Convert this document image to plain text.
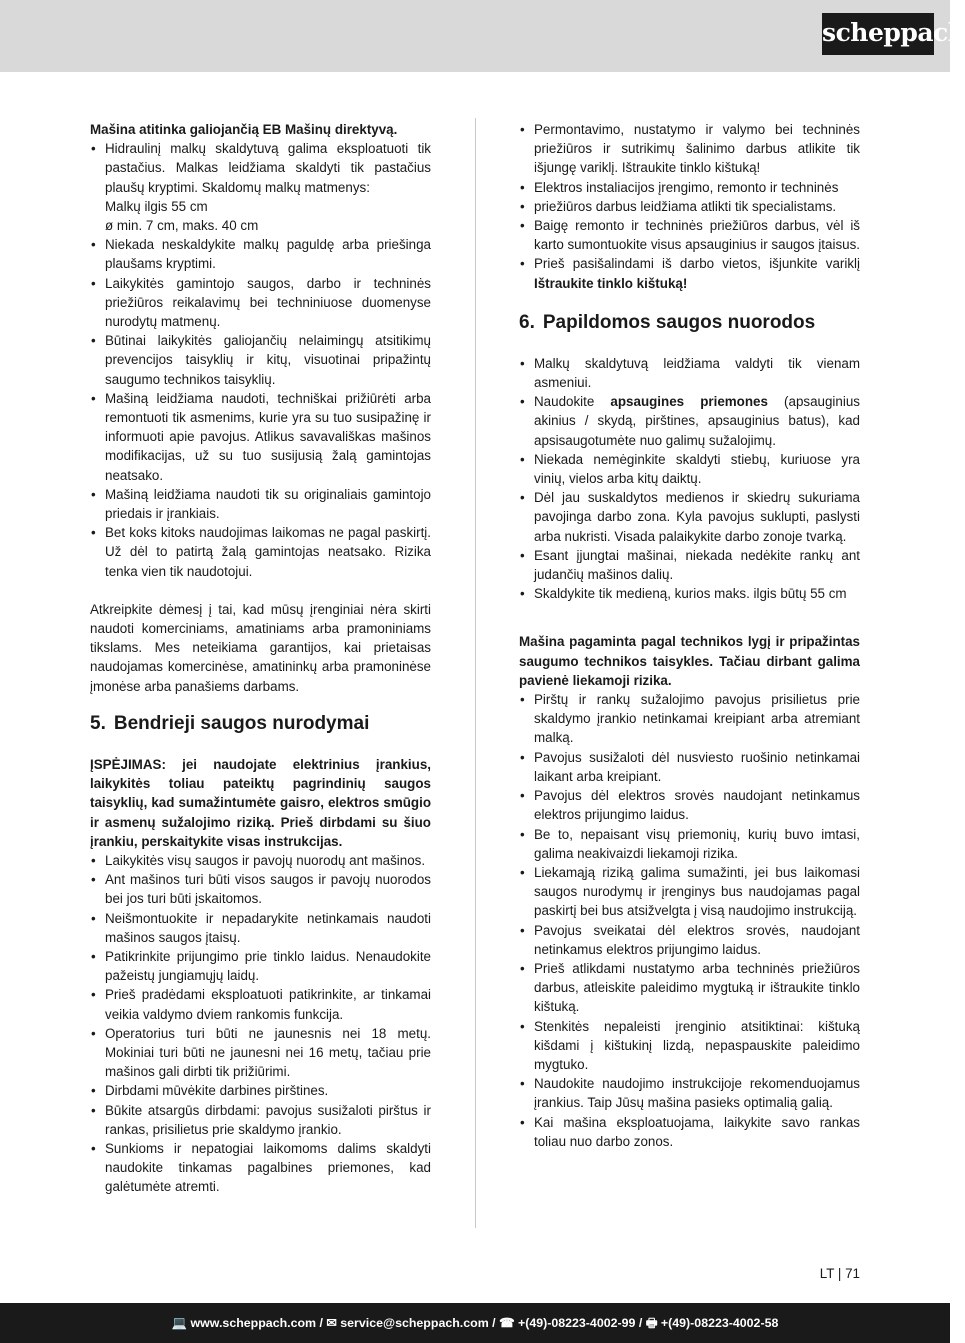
scheppach

Mašina atitinka galiojančią EB Mašinų direktyvą.

• Hidraulinį malkų skaldytuvą galima eksploatuoti tik pastačius. Malkas leidžiama skaldyti tik pastačius plaušų kryptimi. Skaldomų malkų matmenys:
Malkų ilgis 55 cm
ø min. 7 cm, maks. 40 cm
• Niekada neskaldykite malkų paguldę arba priešinga plaušams kryptimi.
• Laikykitės gamintojo saugos, darbo ir techninės priežiūros reikalavimų bei techniniuose duomenyse nurodytų matmenų.
• Būtinai laikykitės galiojančių nelaimingų atsitikimų prevencijos taisyklių ir kitų, visuotinai pripažintų saugumo technikos taisyklių.
• Mašiną leidžiama naudoti, techniškai prižiūrėti arba remontuoti tik asmenims, kurie yra su tuo susipažinę ir informuoti apie pavojus. Atlikus savavališkas mašinos modifikacijas, už su tuo susijusią žalą gamintojas neatsako.
• Mašiną leidžiama naudoti tik su originaliais gamintojo priedais ir įrankiais.
• Bet koks kitoks naudojimas laikomas ne pagal paskirtį. Už dėl to patirtą žalą gamintojas neatsako. Rizika tenka vien tik naudotojui.

Atkreipkite dėmesį į tai, kad mūsų įrenginiai nėra skirti naudoti komerciniams, amatiniams arba pramoniniams tikslams. Mes neteikiama garantijos, kai prietaisas naudojamas komercinėse, amatininkų arba pramoninėse įmonėse arba panašiems darbams.

5. Bendrieji saugos nurodymai

ĮSPĖJIMAS: jei naudojate elektrinius įrankius, laikykitės toliau pateiktų pagrindinių saugos taisyklių, kad sumažintumėte gaisro, elektros smūgio ir asmenų sužalojimo riziką. Prieš dirbdami su šiuo įrankiu, perskaitykite visas instrukcijas.

• Laikykitės visų saugos ir pavojų nuorodų ant mašinos.
• Ant mašinos turi būti visos saugos ir pavojų nuorodos bei jos turi būti įskaitomos.
• Neišmontuokite ir nepadarykite netinkamais naudoti mašinos saugos įtaisų.
• Patikrinkite prijungimo prie tinklo laidus. Nenaudokite pažeistų jungiamųjų laidų.
• Prieš pradėdami eksploatuoti patikrinkite, ar tinkamai veikia valdymo dviem rankomis funkcija.
• Operatorius turi būti ne jaunesnis nei 18 metų. Mokiniai turi būti ne jaunesni nei 16 metų, tačiau prie mašinos gali dirbti tik prižiūrimi.
• Dirbdami mūvėkite darbines pirštines.
• Būkite atsargūs dirbdami: pavojus susižaloti pirštus ir rankas, prisilietus prie skaldymo įrankio.
• Sunkioms ir nepatogiai laikomoms dalims skaldyti naudokite tinkamas pagalbines priemones, kad galėtumėte atremti.
• Permontavimo, nustatymo ir valymo bei techninės priežiūros ir sutrikimų šalinimo darbus atlikite tik išjungę variklį. Ištraukite tinklo kištuką!
• Elektros instaliacijos įrengimo, remonto ir techninės
• priežiūros darbus leidžiama atlikti tik specialistams.
• Baigę remonto ir techninės priežiūros darbus, vėl iš karto sumontuokite visus apsauginius ir saugos įtaisus.
• Prieš pasišalindami iš darbo vietos, išjunkite variklį Ištraukite tinklo kištuką!
6. Papildomos saugos nuorodos
• Malkų skaldytuvą leidžiama valdyti tik vienam asmeniui.
• Naudokite apsaugines priemones (apsauginius akinius / skydą, pirštines, apsauginius batus), kad apsisaugotumėte nuo galimų sužalojimų.
• Niekada nemėginkite skaldyti stiebų, kuriuose yra vinių, vielos arba kitų daiktų.
• Dėl jau suskaldytos medienos ir skiedrų sukuriama pavojinga darbo zona. Kyla pavojus suklupti, paslysti arba nukristi. Visada palaikykite darbo zonoje tvarką.
• Esant įjungtai mašinai, niekada nedėkite rankų ant judančių mašinos dalių.
• Skaldykite tik medieną, kurios maks. ilgis būtų 55 cm

Mašina pagaminta pagal technikos lygį ir pripažintas saugumo technikos taisykles. Tačiau dirbant galima pavienė liekamoji rizika.

• Pirštų ir rankų sužalojimo pavojus prisilietus prie skaldymo įrankio netinkamai kreipiant arba atremiant malką.
• Pavojus susižaloti dėl nusviesto ruošinio netinkamai laikant arba kreipiant.
• Pavojus dėl elektros srovės naudojant netinkamus elektros prijungimo laidus.
• Be to, nepaisant visų priemonių, kurių buvo imtasi, galima neakivaizdi liekamoji rizika.
• Liekamąją riziką galima sumažinti, jei bus laikomasi saugos nurodymų ir įrenginys bus naudojamas pagal paskirtį bei bus atsižvelgta į visą naudojimo instrukciją.
• Pavojus sveikatai dėl elektros srovės, naudojant netinkamus elektros prijungimo laidus.
• Prieš atlikdami nustatymo arba techninės priežiūros darbus, atleiskite paleidimo mygtuką ir ištraukite tinklo kištuką.
• Stenkitės nepaleisti įrenginio atsitiktinai: kištuką kišdami į kištukinį lizdą, nepaspauskite paleidimo mygtuko.
• Naudokite naudojimo instrukcijoje rekomenduojamus įrankius. Taip Jūsų mašina pasieks optimalią galią.
• Kai mašina eksploatuojama, laikykite savo rankas toliau nuo darbo zonos.
LT | 71
💻 www.scheppach.com / ✉ service@scheppach.com / ☎ +(49)-08223-4002-99 / 🖶 +(49)-08223-4002-58
